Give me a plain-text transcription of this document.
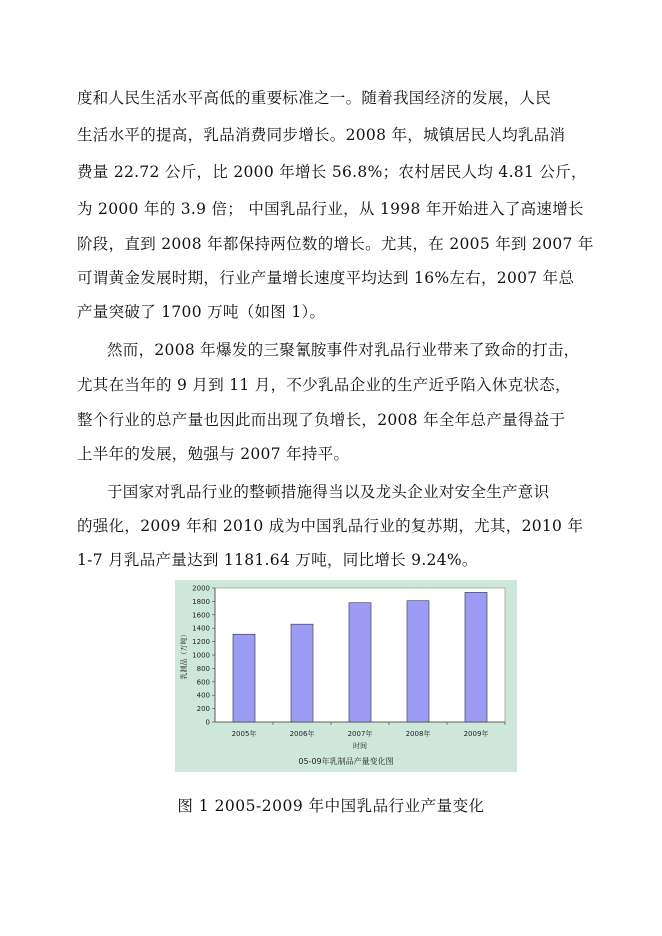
度和人民生活水平高低的重要标准之一。随着我国经济的发展，人民
生活水平的提高，乳品消费同步增长。2008 年，城镇居民人均乳品消
费量 22.72 公斤，比 2000 年增长 56.8%；农村居民人均 4.81 公斤，
为 2000 年的 3.9 倍； 中国乳品行业，从 1998 年开始进入了高速增长
阶段，直到 2008 年都保持两位数的增长。尤其，在 2005 年到 2007 年
可谓黄金发展时期，行业产量增长速度平均达到 16%左右，2007 年总
产量突破了 1700 万吨（如图 1）。
然而，2008 年爆发的三聚氰胺事件对乳品行业带来了致命的打击，
尤其在当年的 9 月到 11 月，不少乳品企业的生产近乎陷入休克状态，
整个行业的总产量也因此而出现了负增长，2008 年全年总产量得益于
上半年的发展，勉强与 2007 年持平。
于国家对乳品行业的整顿措施得当以及龙头企业对安全生产意识
的强化，2009 年和 2010 成为中国乳品行业的复苏期，尤其，2010 年
1-7 月乳品产量达到 1181.64 万吨，同比增长 9.24%。
0
200
400
600
800
1000
1200
1400
1600
1800
2000
2005年	2006年	2007年	2008年	2009年
时间
乳制品（万吨）
05-09年乳制品产量变化图
图 1 2005-2009 年中国乳品行业产量变化
